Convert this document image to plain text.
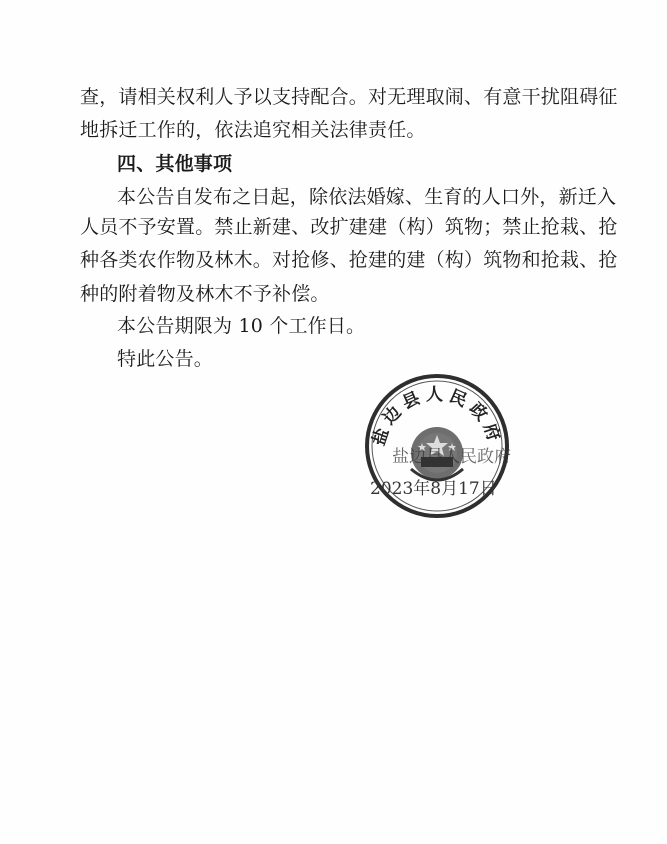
查，请相关权利人予以支持配合。对无理取闹、有意干扰阻碍征
地拆迁工作的，依法追究相关法律责任。
四、其他事项
本公告自发布之日起，除依法婚嫁、生育的人口外，新迁入
人员不予安置。禁止新建、改扩建建（构）筑物；禁止抢栽、抢
种各类农作物及林木。对抢修、抢建的建（构）筑物和抢栽、抢
种的附着物及林木不予补偿。
本公告期限为 10 个工作日。
特此公告。
盐边县人民政府
盐边县人民政府
2023年8月17日
